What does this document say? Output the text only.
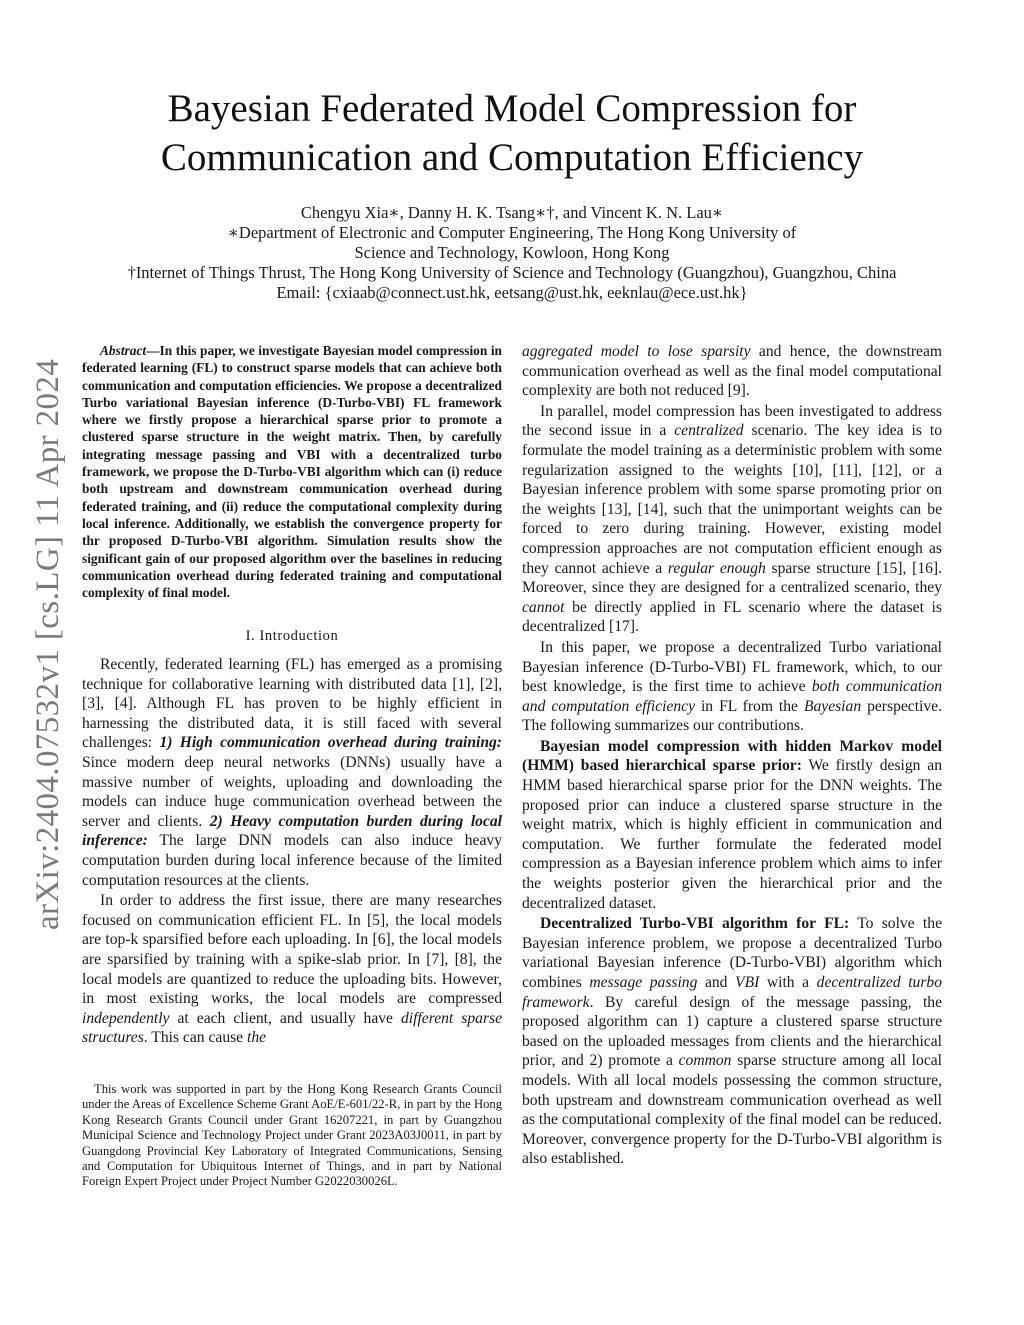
arXiv:2404.07532v1 [cs.LG] 11 Apr 2024
Bayesian Federated Model Compression for Communication and Computation Efficiency
Chengyu Xia∗, Danny H. K. Tsang∗†, and Vincent K. N. Lau∗
∗Department of Electronic and Computer Engineering, The Hong Kong University of
Science and Technology, Kowloon, Hong Kong
†Internet of Things Thrust, The Hong Kong University of Science and Technology (Guangzhou), Guangzhou, China
Email: {cxiaab@connect.ust.hk, eetsang@ust.hk, eeknlau@ece.ust.hk}

Abstract—In this paper, we investigate Bayesian model compression in federated learning (FL) to construct sparse models that can achieve both communication and computation efficiencies. We propose a decentralized Turbo variational Bayesian inference (D-Turbo-VBI) FL framework where we firstly propose a hierarchical sparse prior to promote a clustered sparse structure in the weight matrix. Then, by carefully integrating message passing and VBI with a decentralized turbo framework, we propose the D-Turbo-VBI algorithm which can (i) reduce both upstream and downstream communication overhead during federated training, and (ii) reduce the computational complexity during local inference. Additionally, we establish the convergence property for thr proposed D-Turbo-VBI algorithm. Simulation results show the significant gain of our proposed algorithm over the baselines in reducing communication overhead during federated training and computational complexity of final model.

I. Introduction

Recently, federated learning (FL) has emerged as a promising technique for collaborative learning with distributed data [1], [2], [3], [4]. Although FL has proven to be highly efficient in harnessing the distributed data, it is still faced with several challenges: 1) High communication overhead during training: Since modern deep neural networks (DNNs) usually have a massive number of weights, uploading and downloading the models can induce huge communication overhead between the server and clients. 2) Heavy computation burden during local inference: The large DNN models can also induce heavy computation burden during local inference because of the limited computation resources at the clients.

In order to address the first issue, there are many researches focused on communication efficient FL. In [5], the local models are top-k sparsified before each uploading. In [6], the local models are sparsified by training with a spike-slab prior. In [7], [8], the local models are quantized to reduce the uploading bits. However, in most existing works, the local models are compressed independently at each client, and usually have different sparse structures. This can cause the

This work was supported in part by the Hong Kong Research Grants Council under the Areas of Excellence Scheme Grant AoE/E-601/22-R, in part by the Hong Kong Research Grants Council under Grant 16207221, in part by Guangzhou Municipal Science and Technology Project under Grant 2023A03J0011, in part by Guangdong Provincial Key Laboratory of Integrated Communications, Sensing and Computation for Ubiquitous Internet of Things, and in part by National Foreign Expert Project under Project Number G2022030026L.

aggregated model to lose sparsity and hence, the downstream communication overhead as well as the final model computational complexity are both not reduced [9].

In parallel, model compression has been investigated to address the second issue in a centralized scenario. The key idea is to formulate the model training as a deterministic problem with some regularization assigned to the weights [10], [11], [12], or a Bayesian inference problem with some sparse promoting prior on the weights [13], [14], such that the unimportant weights can be forced to zero during training. However, existing model compression approaches are not computation efficient enough as they cannot achieve a regular enough sparse structure [15], [16]. Moreover, since they are designed for a centralized scenario, they cannot be directly applied in FL scenario where the dataset is decentralized [17].

In this paper, we propose a decentralized Turbo variational Bayesian inference (D-Turbo-VBI) FL framework, which, to our best knowledge, is the first time to achieve both communication and computation efficiency in FL from the Bayesian perspective. The following summarizes our contributions.

Bayesian model compression with hidden Markov model (HMM) based hierarchical sparse prior: We firstly design an HMM based hierarchical sparse prior for the DNN weights. The proposed prior can induce a clustered sparse structure in the weight matrix, which is highly efficient in communication and computation. We further formulate the federated model compression as a Bayesian inference problem which aims to infer the weights posterior given the hierarchical prior and the decentralized dataset.

Decentralized Turbo-VBI algorithm for FL: To solve the Bayesian inference problem, we propose a decentralized Turbo variational Bayesian inference (D-Turbo-VBI) algorithm which combines message passing and VBI with a decentralized turbo framework. By careful design of the message passing, the proposed algorithm can 1) capture a clustered sparse structure based on the uploaded messages from clients and the hierarchical prior, and 2) promote a common sparse structure among all local models. With all local models possessing the common structure, both upstream and downstream communication overhead as well as the computational complexity of the final model can be reduced. Moreover, convergence property for the D-Turbo-VBI algorithm is also established.
